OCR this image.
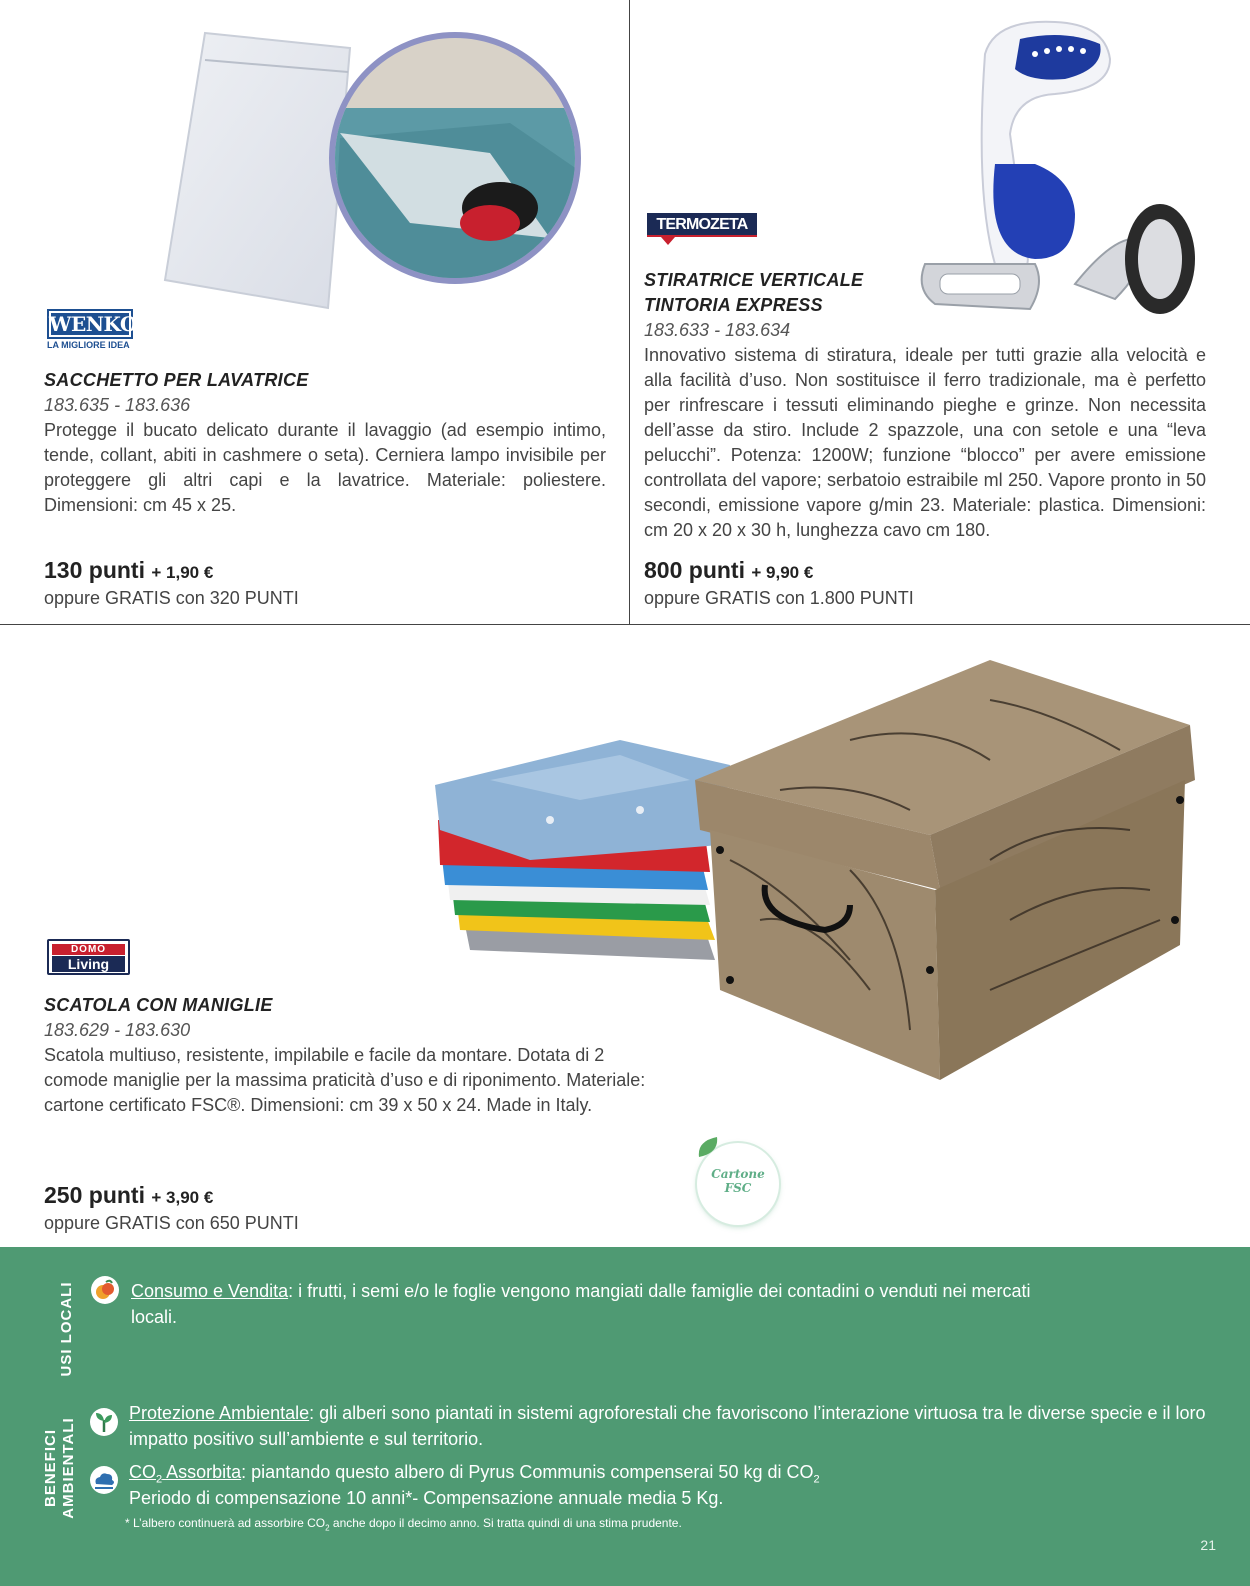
WENKO
LA MIGLIORE IDEA
SACCHETTO PER LAVATRICE
183.635 - 183.636
Protegge il bucato delicato durante il lavaggio (ad esempio intimo, tende, collant, abiti in cashmere o seta). Cerniera lampo invisibile per proteggere gli altri capi e la lavatrice. Materiale: poliestere. Dimensioni: cm 45 x 25.
130 punti + 1,90 €
oppure GRATIS con 320 PUNTI
TERMOZETA
STIRATRICE VERTICALE
TINTORIA EXPRESS
183.633 - 183.634
Innovativo sistema di stiratura, ideale per tutti grazie alla velocità e alla facilità d’uso. Non sostituisce il ferro tradizionale, ma è perfetto per rinfrescare i tessuti eliminando pieghe e grinze. Non necessita dell’asse da stiro. Include 2 spazzole, una con setole e una “leva pelucchi”. Potenza: 1200W; funzione “blocco” per avere emissione controllata del vapore; serbatoio estraibile ml 250. Vapore pronto in 50 secondi, emissione vapore g/min 23. Materiale: plastica. Dimensioni: cm 20 x 20 x 30 h, lunghezza cavo cm 180.
800 punti + 9,90 €
oppure GRATIS con 1.800 PUNTI
DOMO
Living
SCATOLA CON MANIGLIE
183.629 - 183.630
Scatola multiuso, resistente, impilabile e facile da montare. Dotata di 2 comode maniglie per la massima praticità d’uso e di riponimento. Materiale: cartone certificato FSC®. Dimensioni: cm 39 x 50 x 24. Made in Italy.
250 punti + 3,90 €
oppure GRATIS con 650 PUNTI
Cartone
FSC
USI LOCALI
BENEFICI AMBIENTALI
Consumo e Vendita: i frutti, i semi e/o le foglie vengono mangiati dalle famiglie dei contadini o venduti nei mercati locali.
Protezione Ambientale: gli alberi sono piantati in sistemi agroforestali che favoriscono l’interazione virtuosa tra le diverse specie e il loro impatto positivo sull’ambiente e sul territorio.
$CO_2$ Assorbita: piantando questo albero di Pyrus Communis compenserai 50 kg di $CO_2$
Periodo di compensazione 10 anni*- Compensazione annuale media 5 Kg.
* L’albero continuerà ad assorbire $CO_2$ anche dopo il decimo anno. Si tratta quindi di una stima prudente.
21
